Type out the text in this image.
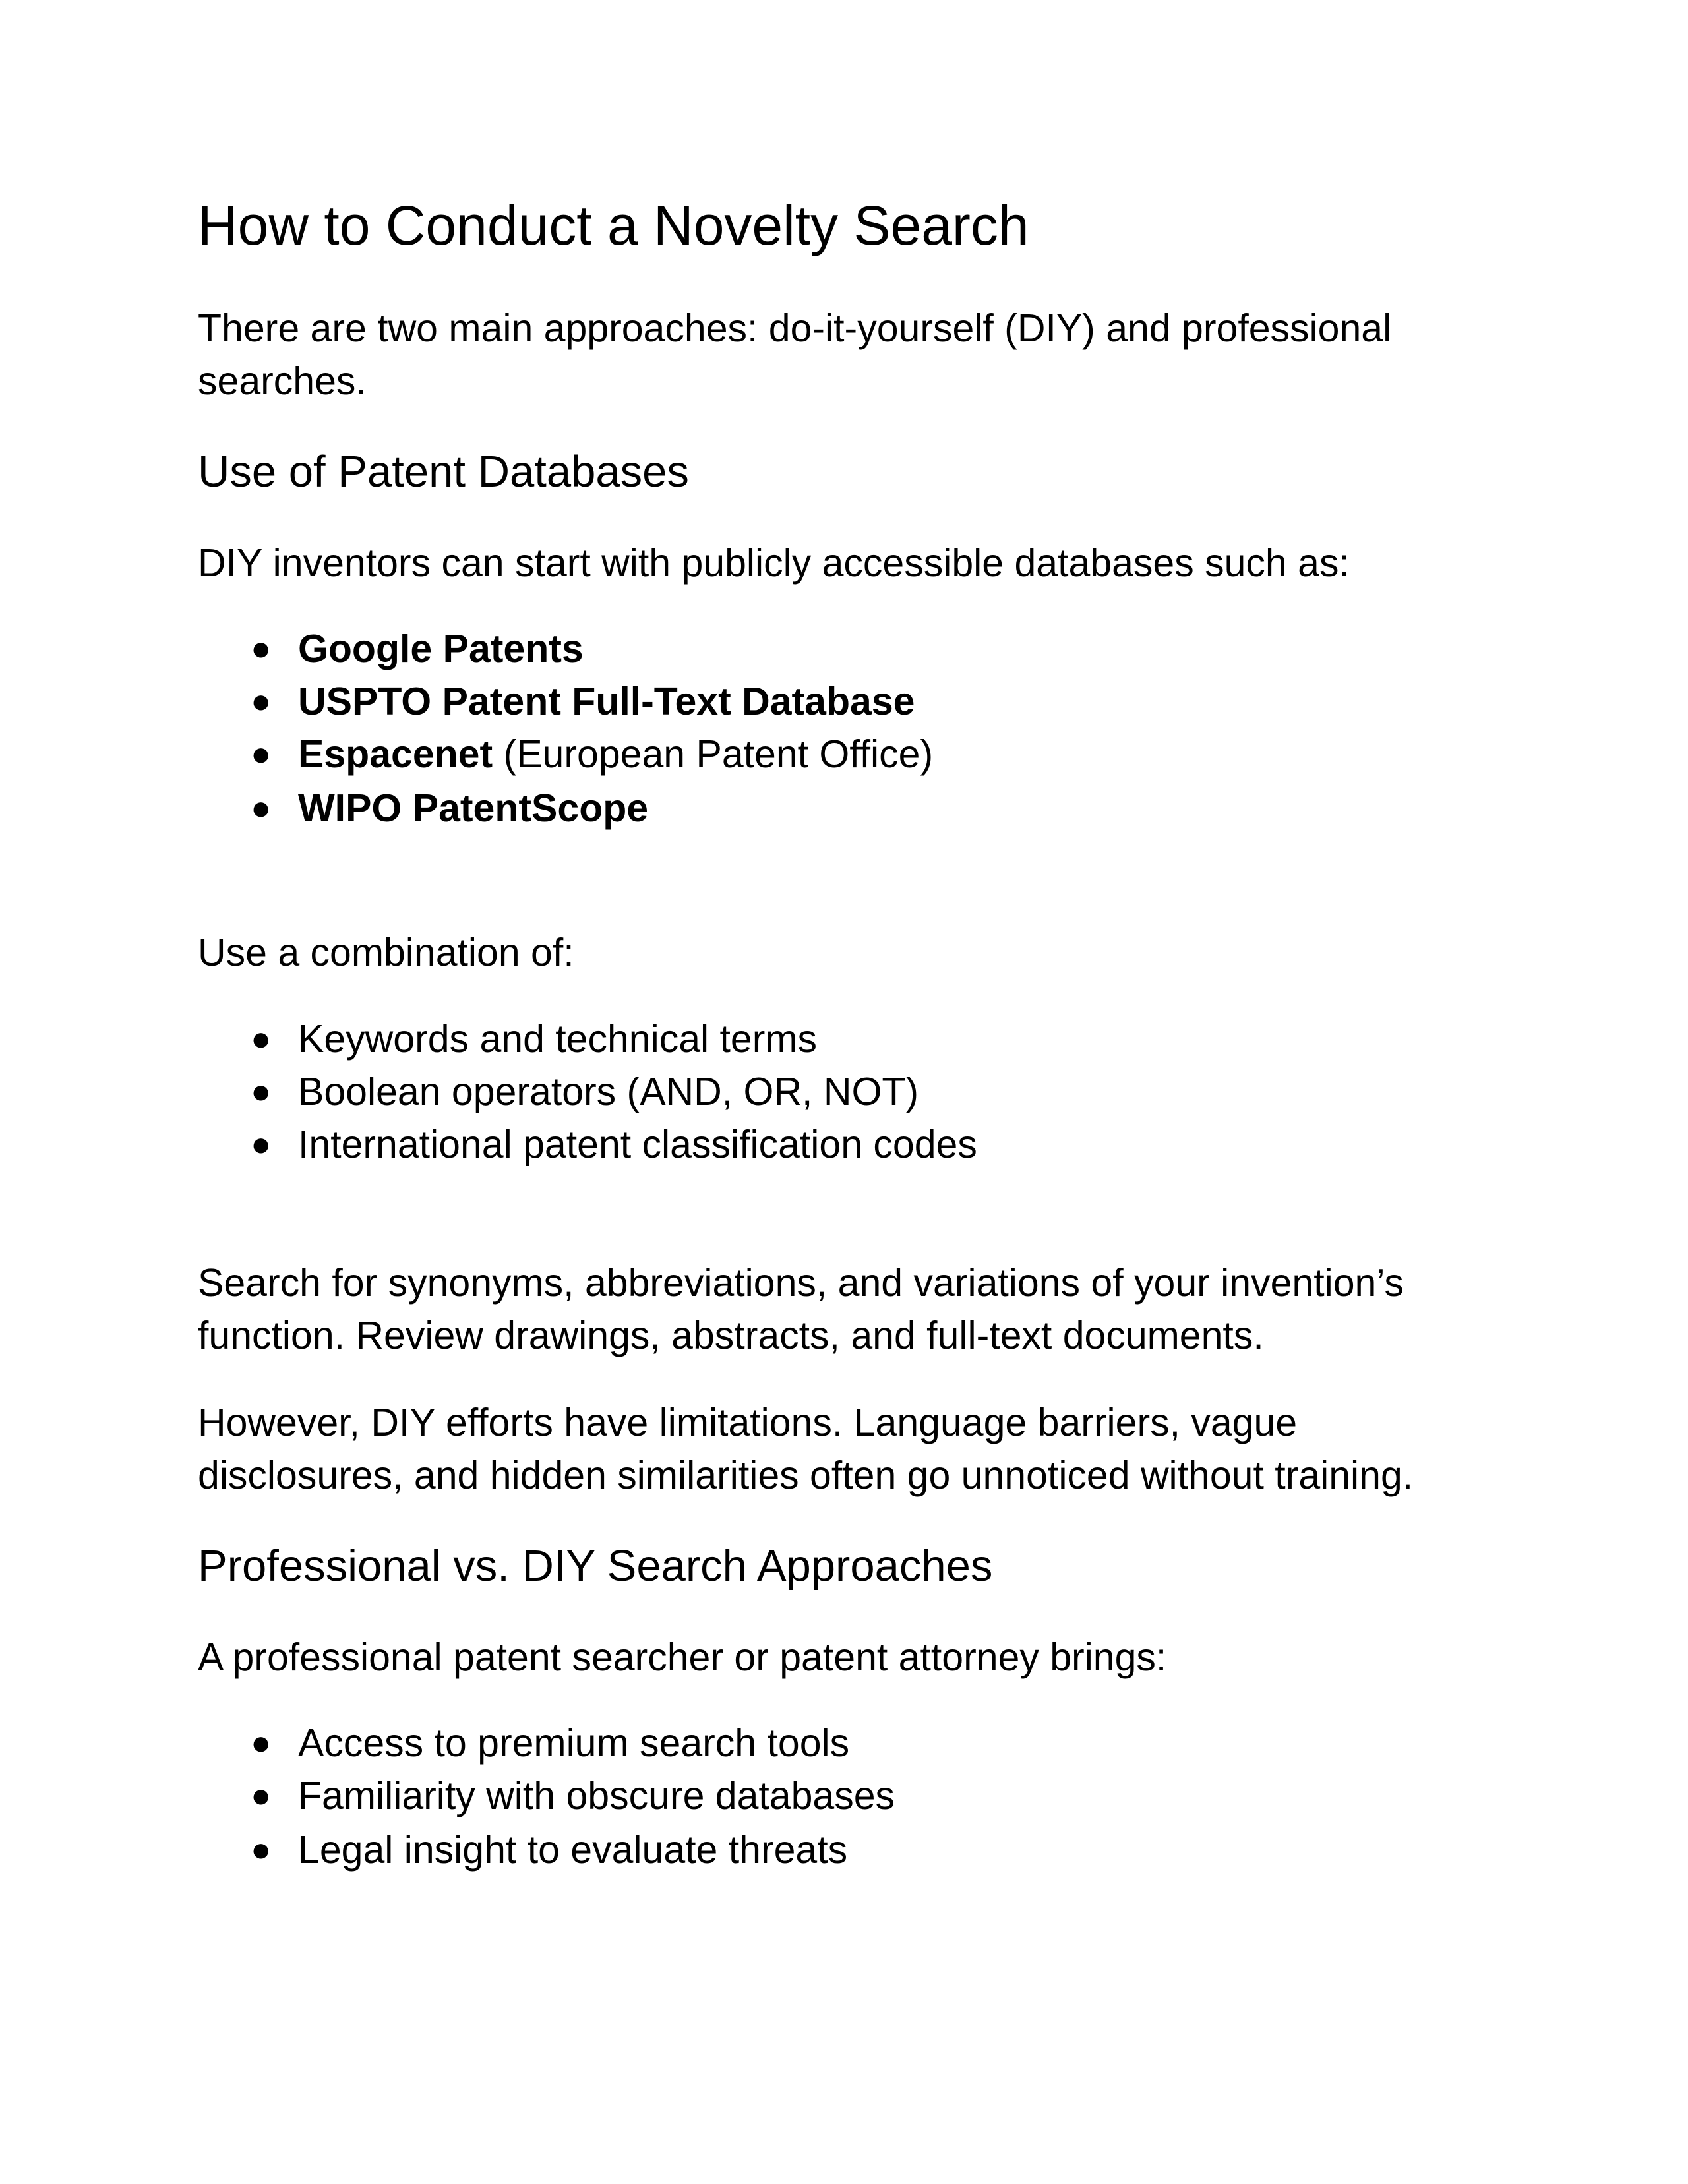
How to Conduct a Novelty Search

There are two main approaches: do-it-yourself (DIY) and professional

searches.

Use of Patent Databases

DIY inventors can start with publicly accessible databases such as:

● Google Patents
● USPTO Patent Full-Text Database
● Espacenet (European Patent Office)
● WIPO PatentScope

Use a combination of:

● Keywords and technical terms
● Boolean operators (AND, OR, NOT)
● International patent classification codes

Search for synonyms, abbreviations, and variations of your invention’s

function. Review drawings, abstracts, and full-text documents.

However, DIY efforts have limitations. Language barriers, vague

disclosures, and hidden similarities often go unnoticed without training.

Professional vs. DIY Search Approaches

A professional patent searcher or patent attorney brings:

● Access to premium search tools
● Familiarity with obscure databases
● Legal insight to evaluate threats
